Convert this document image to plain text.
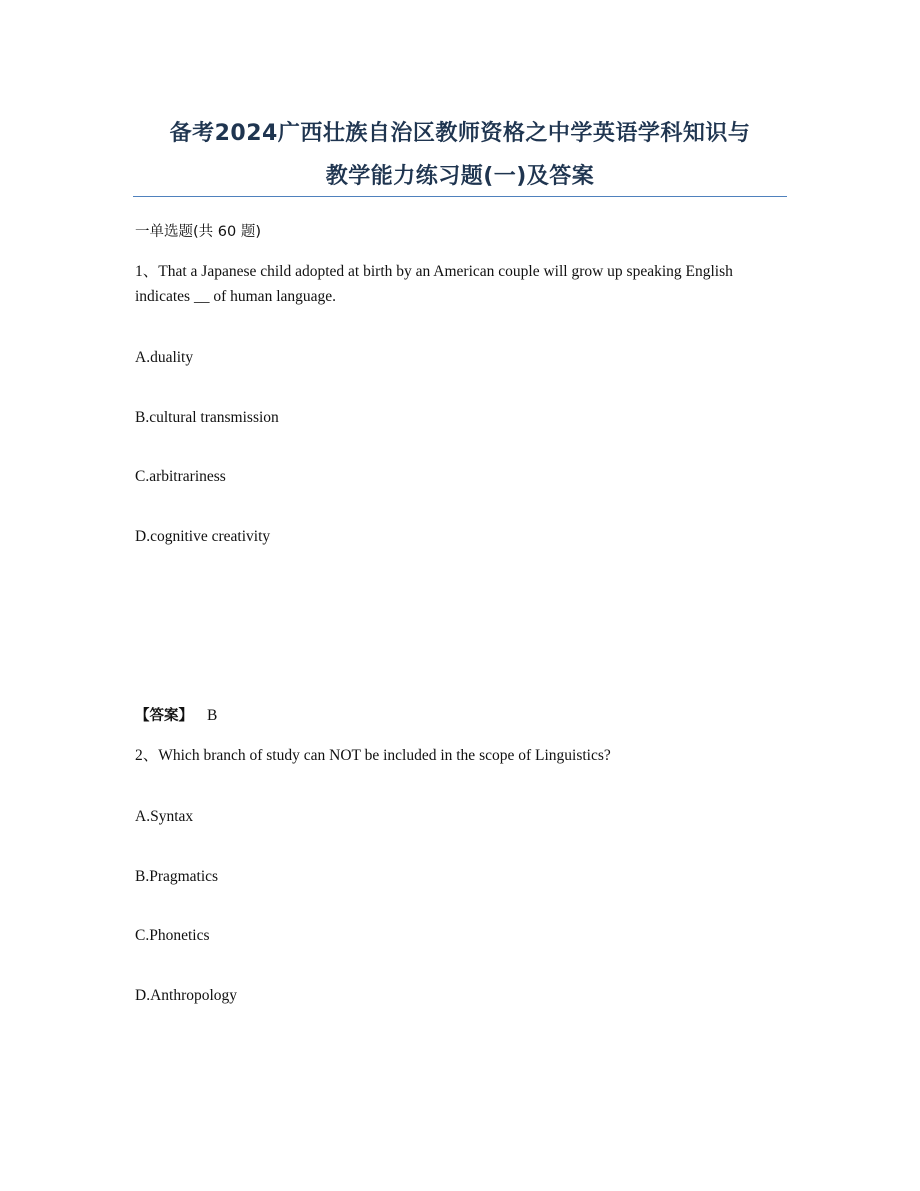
备考2024广西壮族自治区教师资格之中学英语学科知识与
教学能力练习题(一)及答案
一单选题(共 60 题)
1、That a Japanese child adopted at birth by an American couple will grow up speaking English indicates __ of human language.
A.duality
B.cultural transmission
C.arbitrariness
D.cognitive creativity
【答案】 B
2、Which branch of study can NOT be included in the scope of Linguistics?
A.Syntax
B.Pragmatics
C.Phonetics
D.Anthropology
